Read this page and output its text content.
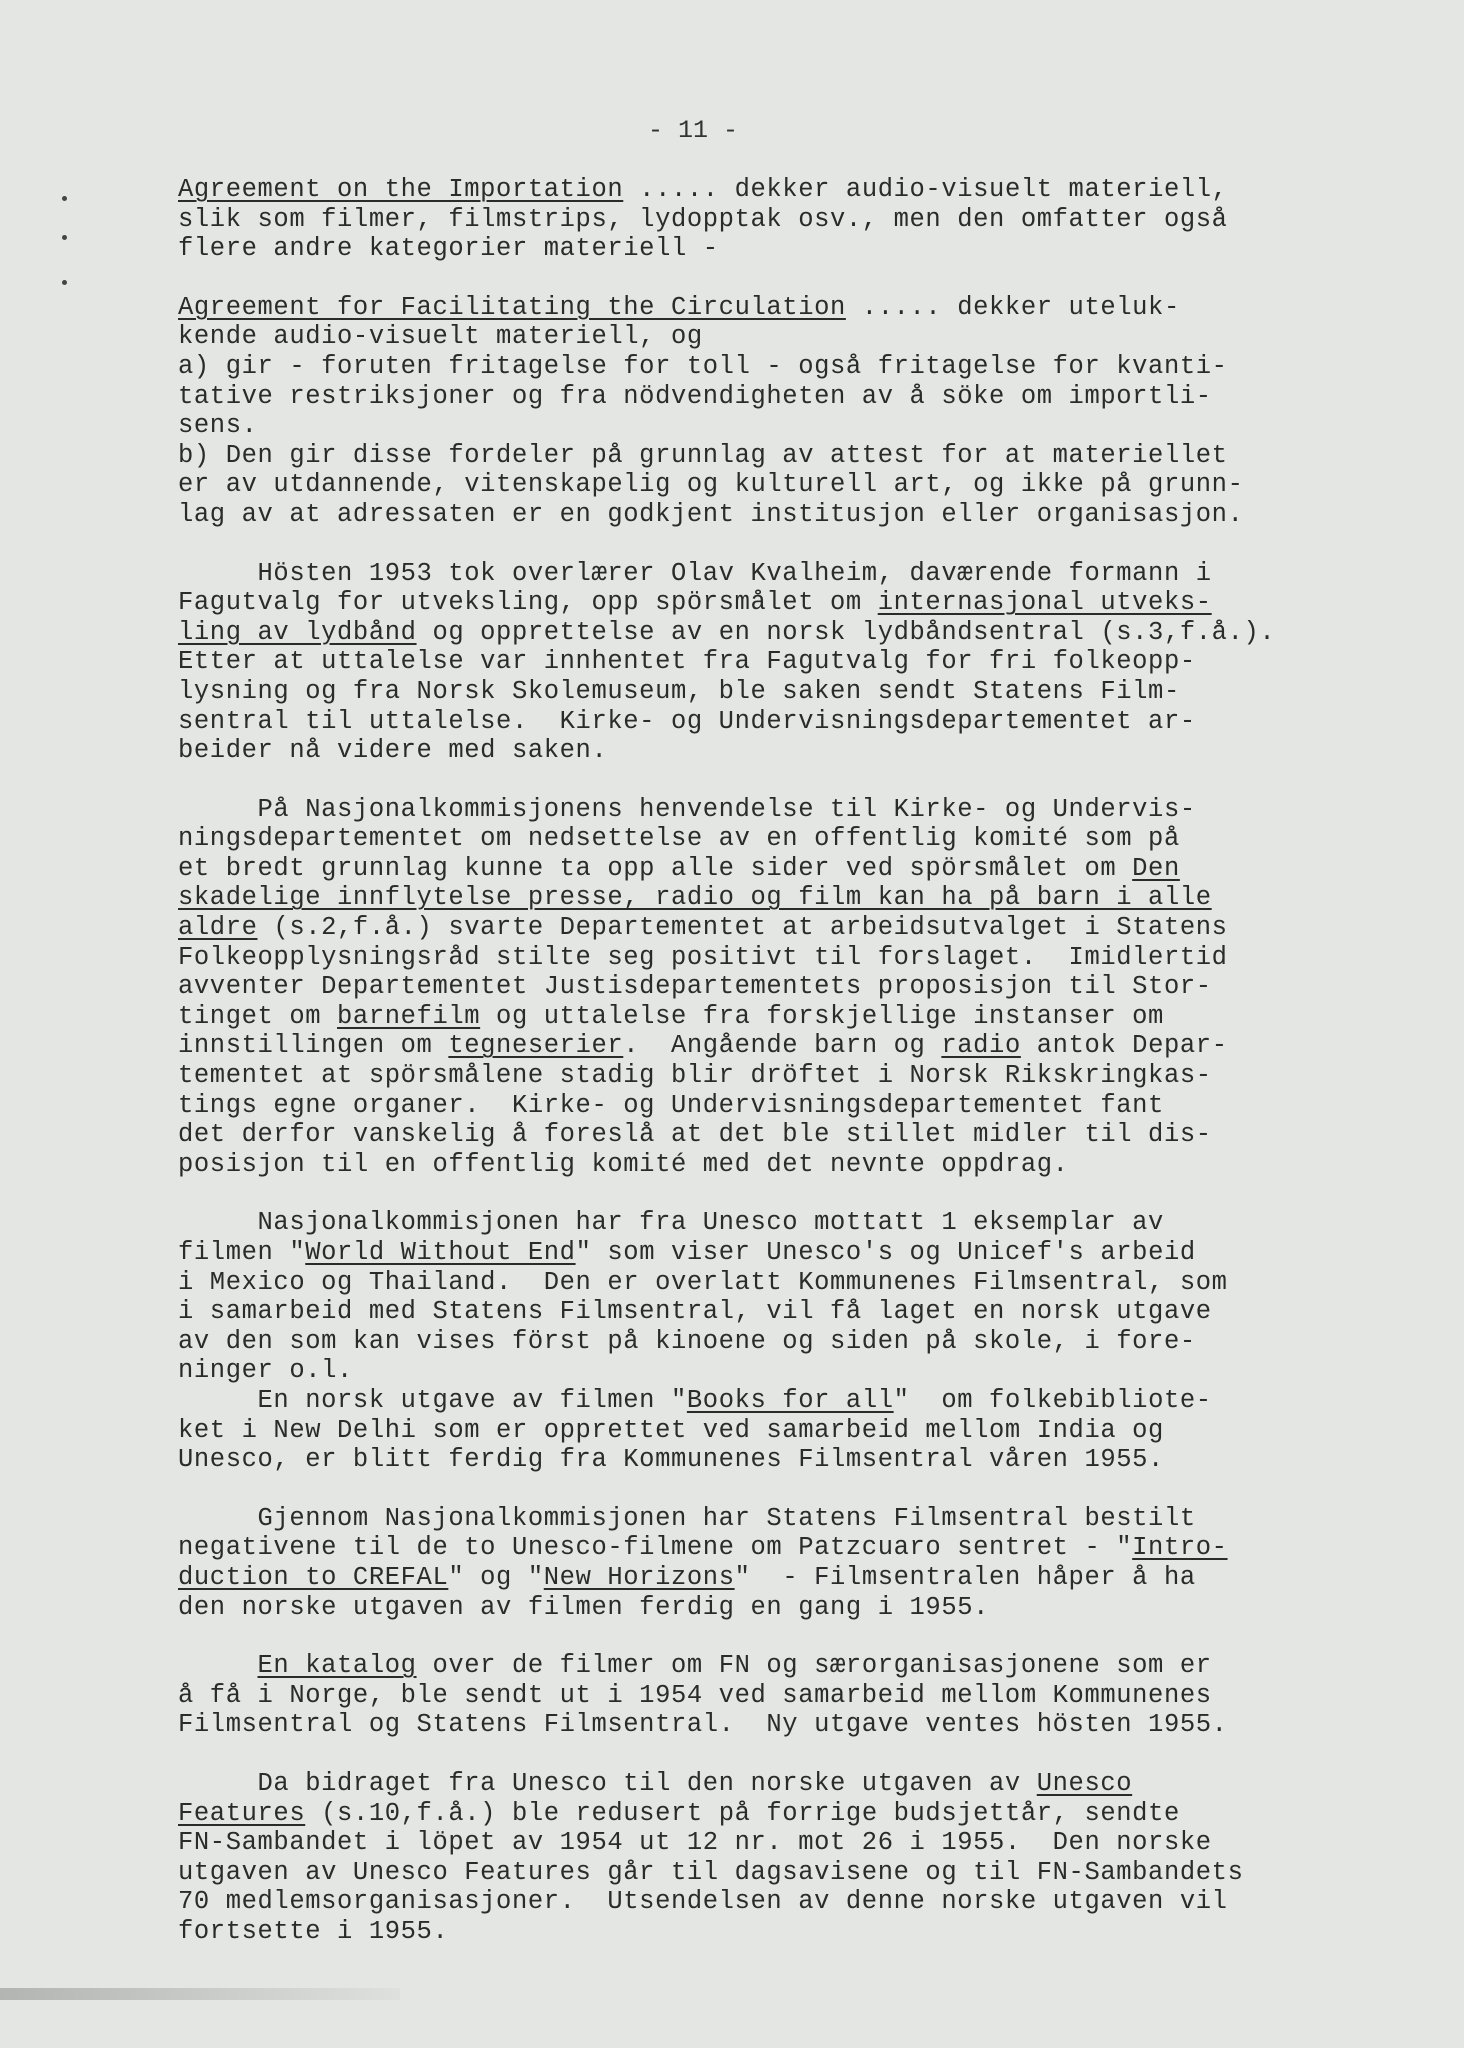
- 11 -
Agreement on the Importation ..... dekker audio-visuelt materiell,
slik som filmer, filmstrips, lydopptak osv., men den omfatter også
flere andre kategorier materiell -
Agreement for Facilitating the Circulation ..... dekker uteluk-
kende audio-visuelt materiell, og
a) gir - foruten fritagelse for toll - også fritagelse for kvanti-
tative restriksjoner og fra nödvendigheten av å söke om importli-
sens.
b) Den gir disse fordeler på grunnlag av attest for at materiellet
er av utdannende, vitenskapelig og kulturell art, og ikke på grunn-
lag av at adressaten er en godkjent institusjon eller organisasjon.
Hösten 1953 tok overlærer Olav Kvalheim, daværende formann i
Fagutvalg for utveksling, opp spörsmålet om internasjonal utveks-
ling av lydbånd og opprettelse av en norsk lydbåndsentral (s.3,f.å.).
Etter at uttalelse var innhentet fra Fagutvalg for fri folkeopp-
lysning og fra Norsk Skolemuseum, ble saken sendt Statens Film-
sentral til uttalelse.  Kirke- og Undervisningsdepartementet ar-
beider nå videre med saken.
På Nasjonalkommisjonens henvendelse til Kirke- og Undervis-
ningsdepartementet om nedsettelse av en offentlig komité som på
et bredt grunnlag kunne ta opp alle sider ved spörsmålet om Den
skadelige innflytelse presse, radio og film kan ha på barn i alle
aldre (s.2,f.å.) svarte Departementet at arbeidsutvalget i Statens
Folkeopplysningsråd stilte seg positivt til forslaget.  Imidlertid
avventer Departementet Justisdepartementets proposisjon til Stor-
tinget om barnefilm og uttalelse fra forskjellige instanser om
innstillingen om tegneserier.  Angående barn og radio antok Depar-
tementet at spörsmålene stadig blir dröftet i Norsk Rikskringkas-
tings egne organer.  Kirke- og Undervisningsdepartementet fant
det derfor vanskelig å foreslå at det ble stillet midler til dis-
posisjon til en offentlig komité med det nevnte oppdrag.
Nasjonalkommisjonen har fra Unesco mottatt 1 eksemplar av
filmen "World Without End" som viser Unesco's og Unicef's arbeid
i Mexico og Thailand.  Den er overlatt Kommunenes Filmsentral, som
i samarbeid med Statens Filmsentral, vil få laget en norsk utgave
av den som kan vises först på kinoene og siden på skole, i fore-
ninger o.l.
En norsk utgave av filmen "Books for all"  om folkebibliote-
ket i New Delhi som er opprettet ved samarbeid mellom India og
Unesco, er blitt ferdig fra Kommunenes Filmsentral våren 1955.
Gjennom Nasjonalkommisjonen har Statens Filmsentral bestilt
negativene til de to Unesco-filmene om Patzcuaro sentret - "Intro-
duction to CREFAL" og "New Horizons"  - Filmsentralen håper å ha
den norske utgaven av filmen ferdig en gang i 1955.
En katalog over de filmer om FN og særorganisasjonene som er
å få i Norge, ble sendt ut i 1954 ved samarbeid mellom Kommunenes
Filmsentral og Statens Filmsentral.  Ny utgave ventes hösten 1955.
Da bidraget fra Unesco til den norske utgaven av Unesco
Features (s.10,f.å.) ble redusert på forrige budsjettår, sendte
FN-Sambandet i löpet av 1954 ut 12 nr. mot 26 i 1955.  Den norske
utgaven av Unesco Features går til dagsavisene og til FN-Sambandets
70 medlemsorganisasjoner.  Utsendelsen av denne norske utgaven vil
fortsette i 1955.
